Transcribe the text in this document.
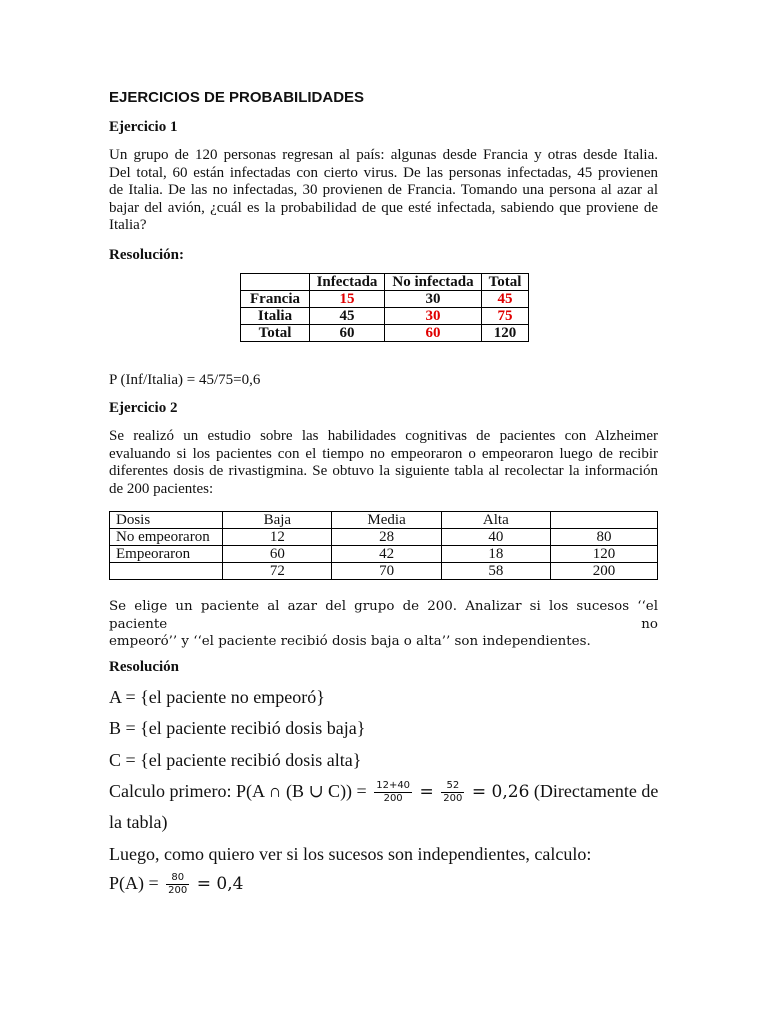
EJERCICIOS DE PROBABILIDADES
Ejercicio 1
Un grupo de 120 personas regresan al país: algunas desde Francia y otras desde Italia.
Del total, 60 están infectadas con cierto virus. De las personas infectadas, 45 provienen
de Italia. De las no infectadas, 30 provienen de Francia. Tomando una persona al azar al
bajar del avión, ¿cuál es la probabilidad de que esté infectada, sabiendo que proviene de
Italia?
Resolución:
	Infectada	No infectada	Total
Francia	15	30	45
Italia	45	30	75
Total	60	60	120
P (Inf/Italia) = 45/75=0,6
Ejercicio 2
Se realizó un estudio sobre las habilidades cognitivas de pacientes con Alzheimer
evaluando si los pacientes con el tiempo no empeoraron o empeoraron luego de recibir
diferentes dosis de rivastigmina. Se obtuvo la siguiente tabla al recolectar la información
de 200 pacientes:
Dosis	Baja	Media	Alta	
No empeoraron	12	28	40	80
Empeoraron	60	42	18	120
	72	70	58	200
Se elige un paciente al azar del grupo de 200. Analizar si los sucesos ‘‘el paciente no
empeoró’’ y ‘‘el paciente recibió dosis baja o alta’’ son independientes.
Resolución
A = {el paciente no empeoró}
B = {el paciente recibió dosis baja}
C = {el paciente recibió dosis alta}
Calculo primero: P(A ∩ (B ∪ $C)) = \frac{12+40}{200} = \frac{52}{200} = 0,26$ (Directamente de
la tabla)
Luego, como quiero ver si los sucesos son independientes, calculo:
$P(A) = \frac{80}{200} = 0,4$
